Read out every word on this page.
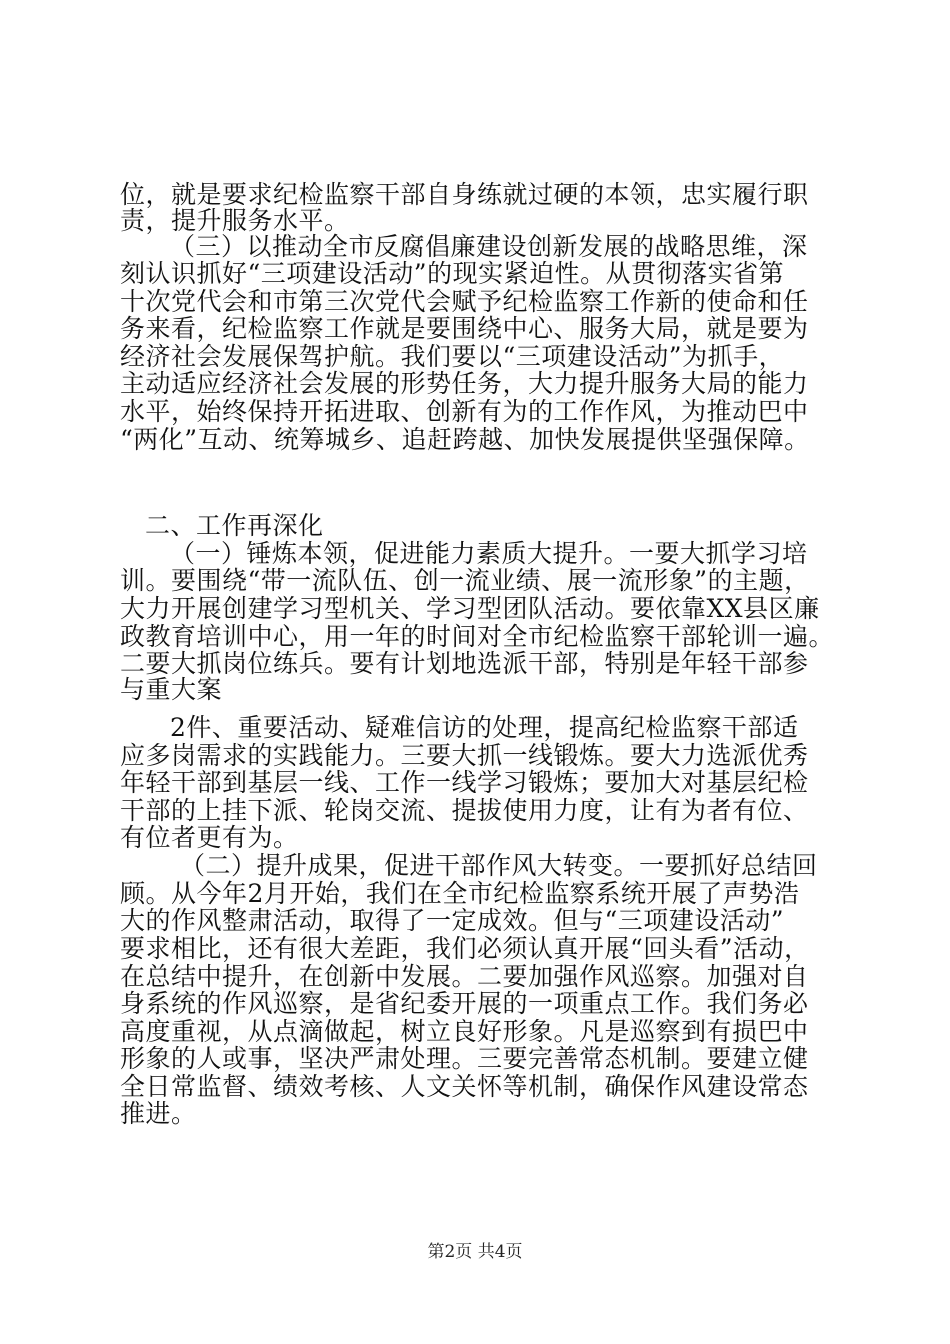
位，就是要求纪检监察干部自身练就过硬的本领，忠实履行职
责，提升服务水平。
（三）以推动全市反腐倡廉建设创新发展的战略思维，深
刻认识抓好“三项建设活动”的现实紧迫性。从贯彻落实省第
十次党代会和市第三次党代会赋予纪检监察工作新的使命和任
务来看，纪检监察工作就是要围绕中心、服务大局，就是要为
经济社会发展保驾护航。我们要以“三项建设活动”为抓手，
主动适应经济社会发展的形势任务，大力提升服务大局的能力
水平，始终保持开拓进取、创新有为的工作作风，为推动巴中
“两化”互动、统筹城乡、追赶跨越、加快发展提供坚强保障。
二、工作再深化
（一）锤炼本领，促进能力素质大提升。一要大抓学习培
训。要围绕“带一流队伍、创一流业绩、展一流形象”的主题，
大力开展创建学习型机关、学习型团队活动。要依靠XX县区廉
政教育培训中心，用一年的时间对全市纪检监察干部轮训一遍。
二要大抓岗位练兵。要有计划地选派干部，特别是年轻干部参
与重大案
2件、重要活动、疑难信访的处理，提高纪检监察干部适
应多岗需求的实践能力。三要大抓一线锻炼。要大力选派优秀
年轻干部到基层一线、工作一线学习锻炼；要加大对基层纪检
干部的上挂下派、轮岗交流、提拔使用力度，让有为者有位、
有位者更有为。
（二）提升成果，促进干部作风大转变。一要抓好总结回
顾。从今年2月开始，我们在全市纪检监察系统开展了声势浩
大的作风整肃活动，取得了一定成效。但与“三项建设活动”
要求相比，还有很大差距，我们必须认真开展“回头看”活动，
在总结中提升，在创新中发展。二要加强作风巡察。加强对自
身系统的作风巡察，是省纪委开展的一项重点工作。我们务必
高度重视，从点滴做起，树立良好形象。凡是巡察到有损巴中
形象的人或事，坚决严肃处理。三要完善常态机制。要建立健
全日常监督、绩效考核、人文关怀等机制，确保作风建设常态
推进。
第2页 共4页
